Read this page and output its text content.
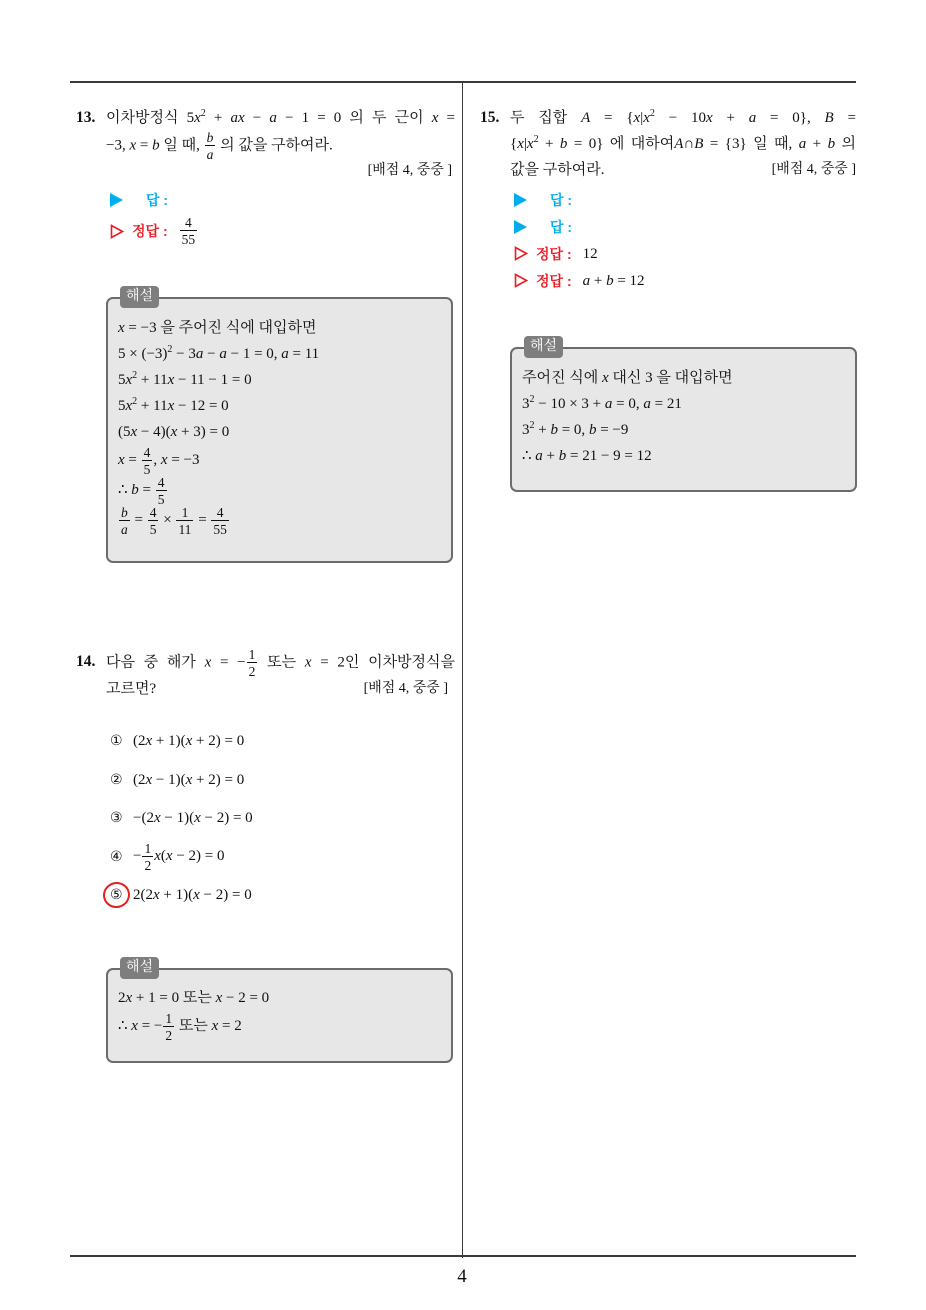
4
13. 이차방정식 $5x^2$ + ax − a − 1 = 0 의 두 근이 x =
−3, x = b 일 때, $\frac{b}{a}$ 의 값을 구하여라.
[배점 4, 중중 ]
답 :
정답 : $\frac{4}{55}$
해설
x = −3 을 주어진 식에 대입하면
$5 \times (-3)^2 - 3a - a - 1 = 0$, a = 11
$5x^2 + 11x - 11 - 1 = 0$
$5x^2 + 11x - 12 = 0$
(5x − 4)(x + 3) = 0
$x = \frac{4}{5}$ , x = −3
∴ $b = \frac{4}{5}$
$\frac{b}{a} = \frac{4}{5} \times \frac{1}{11} = \frac{4}{55}$
14. 다음 중 해가 x = − $\frac{1}{2}$ 또는 x = 2인 이차방정식을
고르면?	[배점 4, 중중 ]
① (2x + 1)(x + 2) = 0
② (2x − 1)(x + 2) = 0
③ −(2x − 1)(x − 2) = 0
④ − $\frac{1}{2} x(x - 2) = 0$
⑤ 2(2x + 1)(x − 2) = 0
해설
2x + 1 = 0 또는 x − 2 = 0
∴ x = − $\frac{1}{2}$ 또는 x = 2
15. 두 집합 $A = \{x|x^2 - 10x + a = 0\}$, B =
$\{x|x^2 + b = 0\}$ 에 대하여A∩B = {3} 일 때, a + b 의
값을 구하여라.	[배점 4, 중중 ]
답 :
답 :
정답 : 12
정답 : a + b = 12
해설
주어진 식에 x 대신 3 을 대입하면
$3^2 - 10 \times 3 + a = 0$, a = 21
$3^2 + b = 0$, b = −9
∴ a + b = 21 − 9 = 12
